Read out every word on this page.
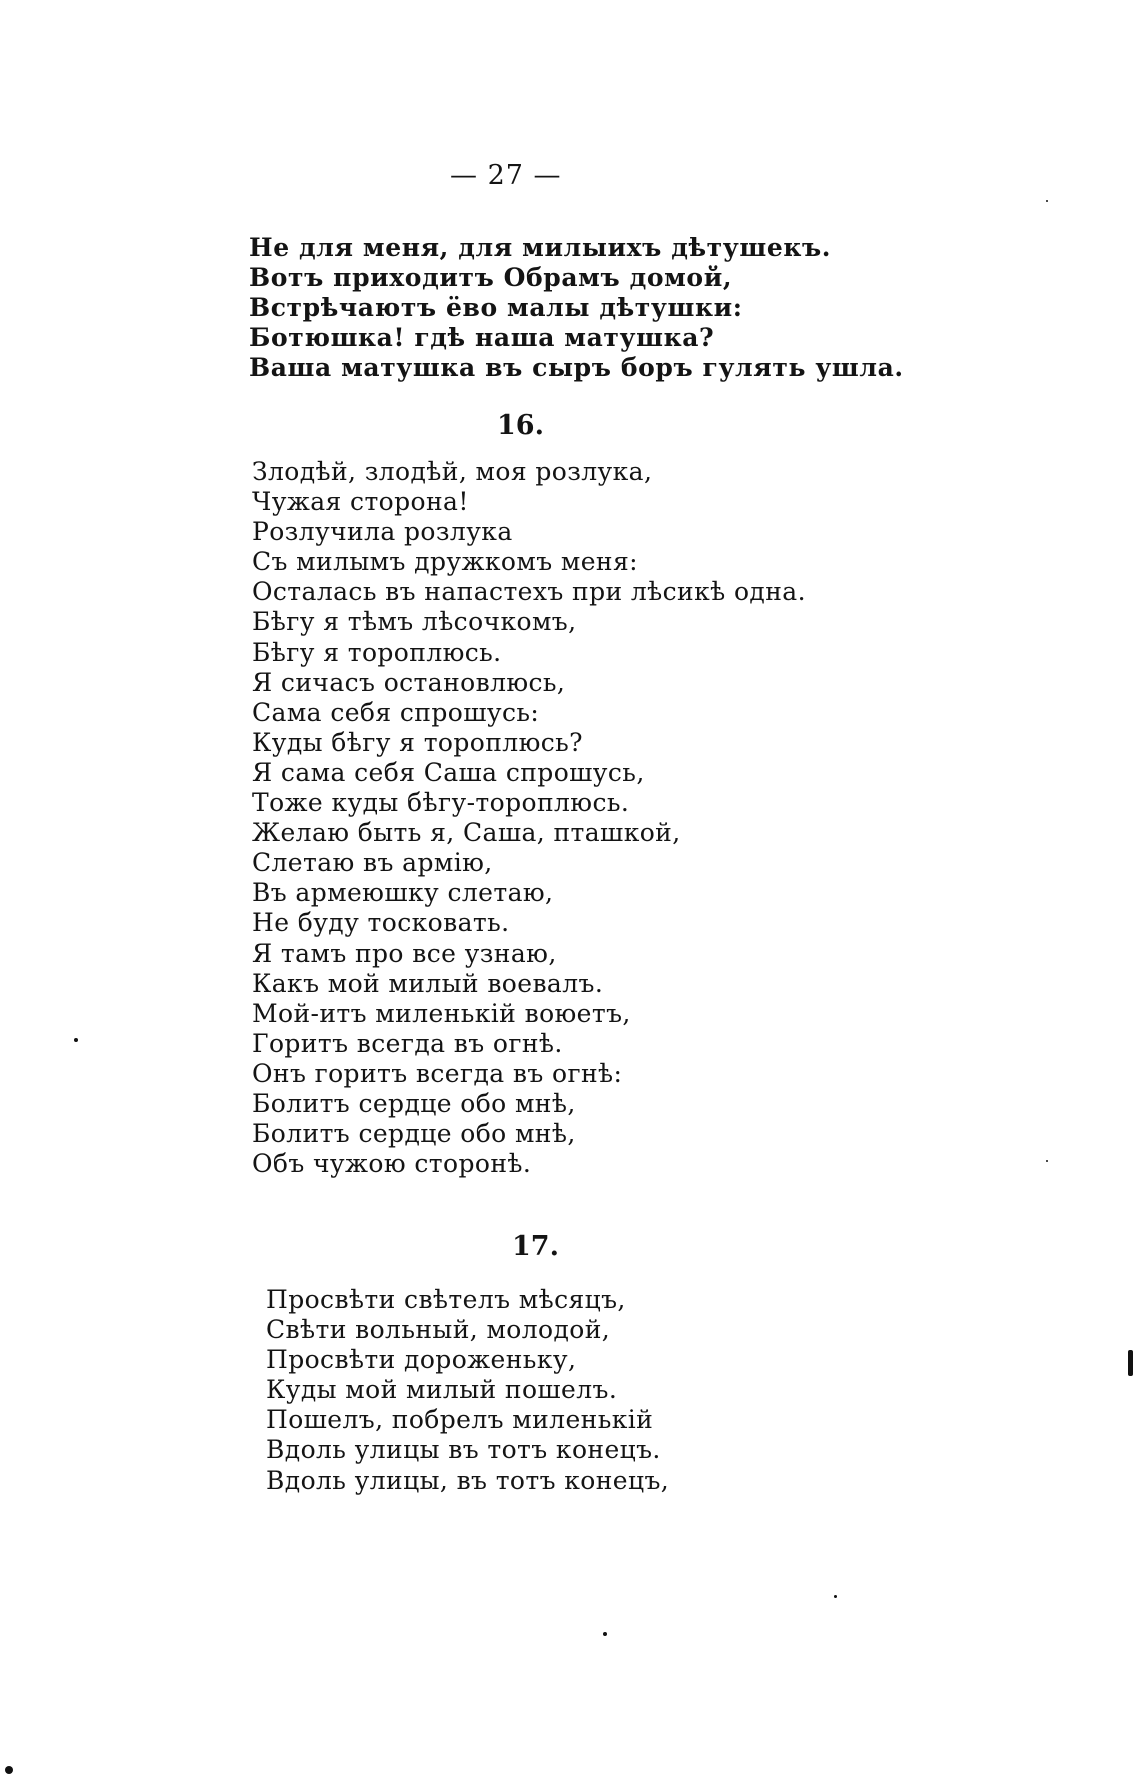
— 27 —
Не для меня, для милыихъ дѣтушекъ.
Вотъ приходитъ Обрамъ домой,
Встрѣчаютъ ёво малы дѣтушки:
Ботюшка! гдѣ наша матушка?
Ваша матушка въ сыръ боръ гулять ушла.
16.
Злодѣй, злодѣй, моя розлука,
Чужая сторона!
Розлучила розлука
Съ милымъ дружкомъ меня:
Осталась въ напастехъ при лѣсикѣ одна.
Бѣгу я тѣмъ лѣсочкомъ,
Бѣгу я тороплюсь.
Я сичасъ остановлюсь,
Сама себя спрошусь:
Куды бѣгу я тороплюсь?
Я сама себя Саша спрошусь,
Тоже куды бѣгу-тороплюсь.
Желаю быть я, Саша, пташкой,
Слетаю въ армію,
Въ армеюшку слетаю,
Не буду тосковать.
Я тамъ про все узнаю,
Какъ мой милый воевалъ.
Мой-итъ миленькій воюетъ,
Горитъ всегда въ огнѣ.
Онъ горитъ всегда въ огнѣ:
Болитъ сердце обо мнѣ,
Болитъ сердце обо мнѣ,
Объ чужою сторонѣ.
17.
Просвѣти свѣтелъ мѣсяцъ,
Свѣти вольный, молодой,
Просвѣти дороженьку,
Куды мой милый пошелъ.
Пошелъ, побрелъ миленькій
Вдоль улицы въ тотъ конецъ.
Вдоль улицы, въ тотъ конецъ,
